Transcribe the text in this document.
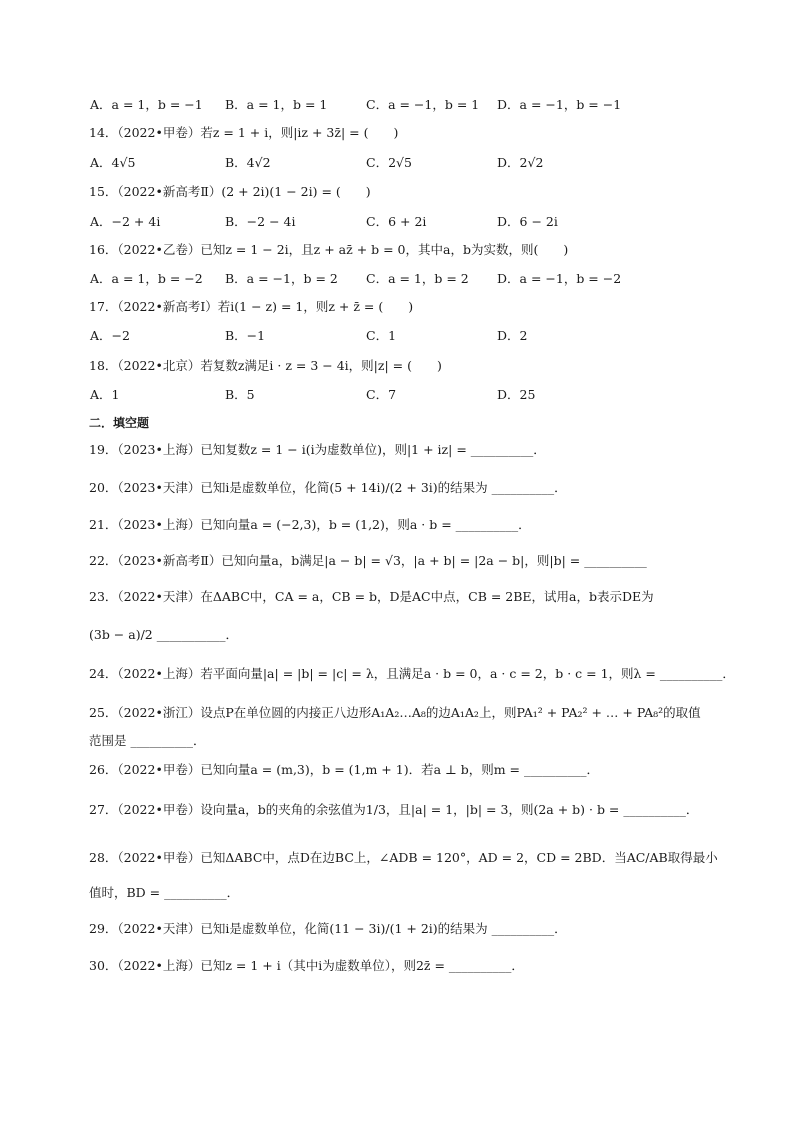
A．a = 1，b = −1 B．a = 1，b = 1	C．a = −1，b = 1 D．a = −1，b = −1
14．（2022•甲卷）若z = 1 + i，则|iz + 3z̄| = (　　)
A．4√5	B．4√2	C．2√5	D．2√2
15．（2022•新高考Ⅱ）(2 + 2i)(1 − 2i) = (　　)
A．−2 + 4i	B．−2 − 4i	C．6 + 2i	D．6 − 2i
16．（2022•乙卷）已知z = 1 − 2i，且z + az̄ + b = 0，其中a，b为实数，则(　　)
A．a = 1，b = −2 B．a = −1，b = 2 C．a = 1，b = 2 D．a = −1，b = −2
17．（2022•新高考Ⅰ）若i(1 − z) = 1，则z + z̄ = (　　)
A．−2	B．−1	C．1	D．2
18．（2022•北京）若复数z满足i · z = 3 − 4i，则|z| = (　　)
A．1	B．5	C．7	D．25
二．填空题
19．（2023•上海）已知复数z = 1 − i(i为虚数单位)，则|1 + iz| = __________．
20．（2023•天津）已知i是虚数单位，化简(5 + 14i)/(2 + 3i)的结果为 __________．
21．（2023•上海）已知向量a = (−2,3)，b = (1,2)，则a · b = __________．
22．（2023•新高考Ⅱ）已知向量a，b满足|a − b| = √3，|a + b| = |2a − b|，则|b| = __________
23．（2022•天津）在ΔABC中，CA = a，CB = b，D是AC中点，CB = 2BE，试用a，b表示DE为
(3b − a)/2 ___________．
24．（2022•上海）若平面向量|a| = |b| = |c| = λ，且满足a · b = 0，a · c = 2，b · c = 1，则λ = __________．
25．（2022•浙江）设点P在单位圆的内接正八边形A₁A₂…A₈的边A₁A₂上，则PA₁² + PA₂² + … + PA₈²的取值
范围是 __________．
26．（2022•甲卷）已知向量a = (m,3)，b = (1,m + 1)．若a ⊥ b，则m = __________．
27．（2022•甲卷）设向量a，b的夹角的余弦值为1/3，且|a| = 1，|b| = 3，则(2a + b) · b = __________．
28．（2022•甲卷）已知ΔABC中，点D在边BC上，∠ADB = 120°，AD = 2，CD = 2BD．当AC/AB取得最小
值时，BD = __________．
29．（2022•天津）已知i是虚数单位，化简(11 − 3i)/(1 + 2i)的结果为 __________．
30．（2022•上海）已知z = 1 + i（其中i为虚数单位），则2z̄ = __________．
